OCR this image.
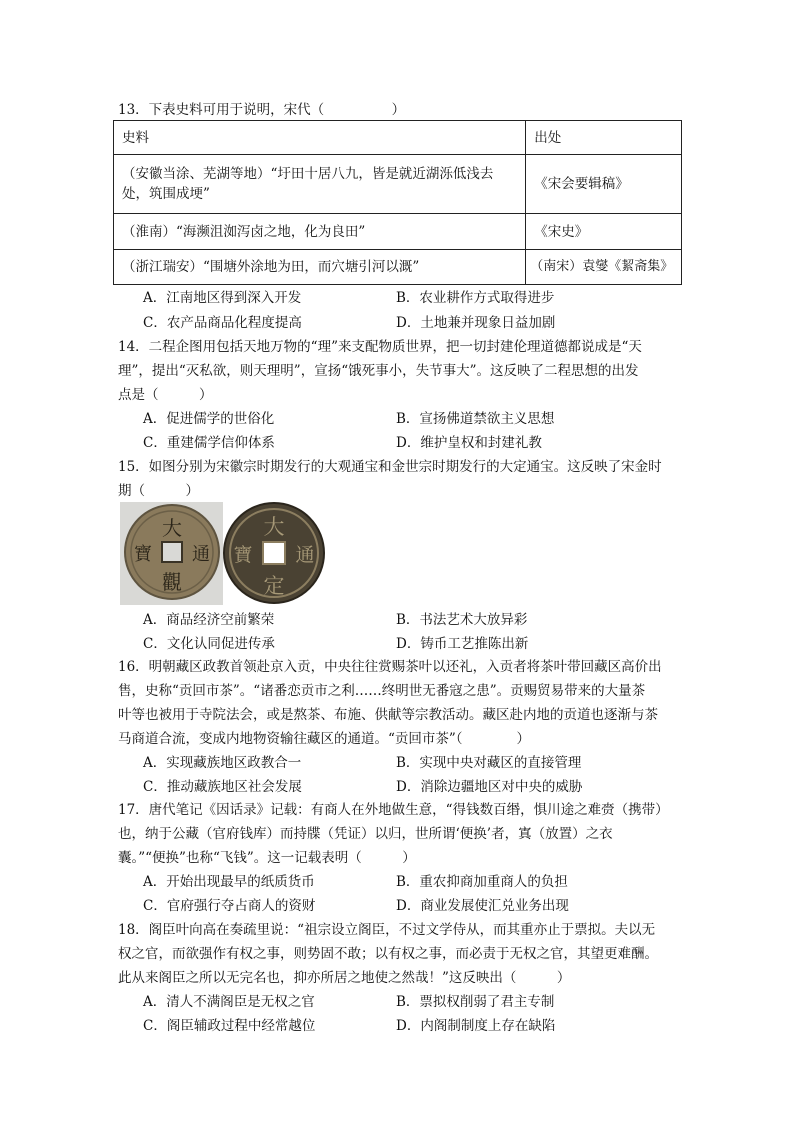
13．下表史料可用于说明，宋代（　　　　　）
史料	出处

（安徽当涂、芜湖等地）“圩田十居八九，皆是就近湖泺低浅去
处，筑围成埂”	《宋会要辑稿》
（淮南）“海濒沮洳泻卤之地，化为良田”	《宋史》
（浙江瑞安）“围塘外涂地为田，而穴塘引河以溉”	（南宋）袁燮《絜斋集》
A．江南地区得到深入开发	B．农业耕作方式取得进步
C．农产品商品化程度提高	D．土地兼并现象日益加剧
14．二程企图用包括天地万物的“理”来支配物质世界，把一切封建伦理道德都说成是“天
理”，提出“灭私欲，则天理明”，宣扬“饿死事小，失节事大”。这反映了二程思想的出发
点是（　　　）
A．促进儒学的世俗化	B．宣扬佛道禁欲主义思想
C．重建儒学信仰体系	D．维护皇权和封建礼教
15．如图分别为宋徽宗时期发行的大观通宝和金世宗时期发行的大定通宝。这反映了宋金时
期（　　　）
大
觀
寶 通
大
定
寶 通
A．商品经济空前繁荣	B．书法艺术大放异彩
C．文化认同促进传承	D．铸币工艺推陈出新
16．明朝藏区政教首领赴京入贡，中央往往赏赐茶叶以还礼，入贡者将茶叶带回藏区高价出
售，史称“贡回市茶”。“诸番恋贡市之利……终明世无番寇之患”。贡赐贸易带来的大量茶
叶等也被用于寺院法会，或是熬茶、布施、供献等宗教活动。藏区赴内地的贡道也逐渐与茶
马商道合流，变成内地物资输往藏区的通道。“贡回市茶”（　　　　）
A．实现藏族地区政教合一	B．实现中央对藏区的直接管理
C．推动藏族地区社会发展	D．消除边疆地区对中央的威胁
17．唐代笔记《因话录》记载：有商人在外地做生意，“得钱数百缗，惧川途之难赍（携带）
也，纳于公藏（官府钱库）而持牒（凭证）以归，世所谓‘便换’者，寘（放置）之衣
囊。”“便换”也称“飞钱”。这一记载表明（　　　）
A．开始出现最早的纸质货币	B．重农抑商加重商人的负担
C．官府强行夺占商人的资财	D．商业发展使汇兑业务出现
18．阁臣叶向高在奏疏里说：“祖宗设立阁臣，不过文学侍从，而其重亦止于票拟。夫以无
权之官，而欲强作有权之事，则势固不敢；以有权之事，而必责于无权之官，其望更难酬。
此从来阁臣之所以无完名也，抑亦所居之地使之然哉！”这反映出（　　　）
A．清人不满阁臣是无权之官	B．票拟权削弱了君主专制
C．阁臣辅政过程中经常越位	D．内阁制制度上存在缺陷
